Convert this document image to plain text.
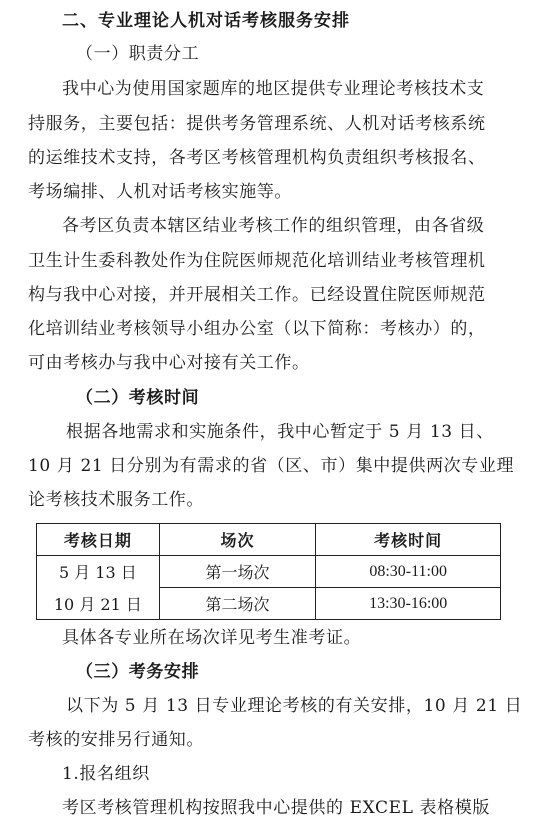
二、专业理论人机对话考核服务安排
（一）职责分工
我中心为使用国家题库的地区提供专业理论考核技术支
持服务，主要包括：提供考务管理系统、人机对话考核系统
的运维技术支持，各考区考核管理机构负责组织考核报名、
考场编排、人机对话考核实施等。
各考区负责本辖区结业考核工作的组织管理，由各省级
卫生计生委科教处作为住院医师规范化培训结业考核管理机
构与我中心对接，并开展相关工作。已经设置住院医师规范
化培训结业考核领导小组办公室（以下简称：考核办）的，
可由考核办与我中心对接有关工作。
（二）考核时间
根据各地需求和实施条件，我中心暂定于 5 月 13 日、
10 月 21 日分别为有需求的省（区、市）集中提供两次专业理
论考核技术服务工作。
考核日期	场次	考核时间
5 月 13 日	第一场次	08:30-11:00
10 月 21 日	第二场次	13:30-16:00
具体各专业所在场次详见考生准考证。
（三）考务安排
以下为 5 月 13 日专业理论考核的有关安排，10 月 21 日
考核的安排另行通知。
1.报名组织
考区考核管理机构按照我中心提供的 EXCEL 表格模版
